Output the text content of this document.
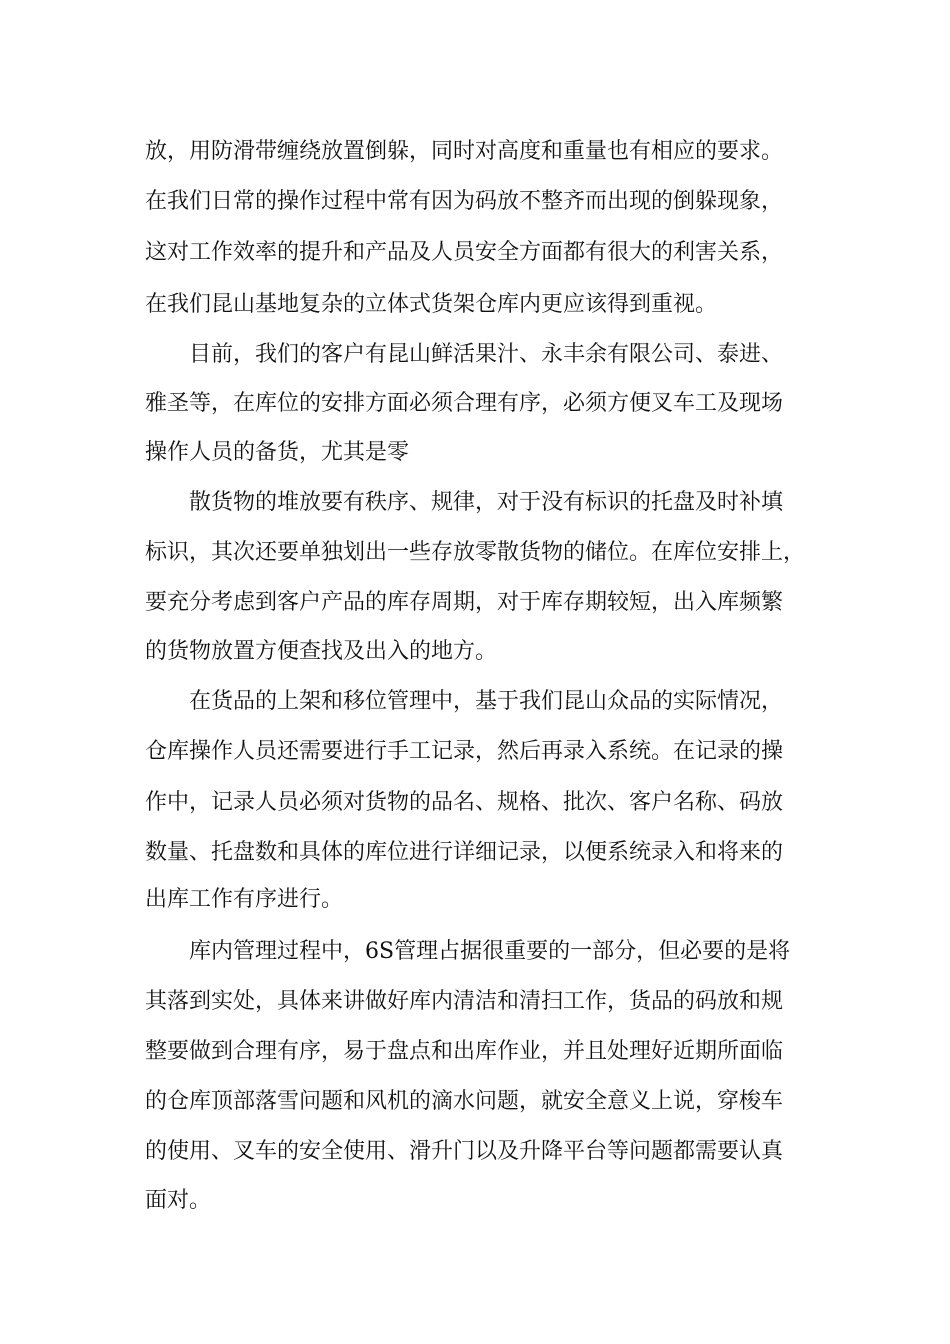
放，用防滑带缠绕放置倒躲，同时对高度和重量也有相应的要求。
在我们日常的操作过程中常有因为码放不整齐而出现的倒躲现象，
这对工作效率的提升和产品及人员安全方面都有很大的利害关系，
在我们昆山基地复杂的立体式货架仓库内更应该得到重视。
目前，我们的客户有昆山鲜活果汁、永丰余有限公司、泰进、
雅圣等，在库位的安排方面必须合理有序，必须方便叉车工及现场
操作人员的备货，尤其是零
散货物的堆放要有秩序、规律，对于没有标识的托盘及时补填
标识，其次还要单独划出一些存放零散货物的储位。在库位安排上，
要充分考虑到客户产品的库存周期，对于库存期较短，出入库频繁
的货物放置方便查找及出入的地方。
在货品的上架和移位管理中，基于我们昆山众品的实际情况，
仓库操作人员还需要进行手工记录，然后再录入系统。在记录的操
作中，记录人员必须对货物的品名、规格、批次、客户名称、码放
数量、托盘数和具体的库位进行详细记录，以便系统录入和将来的
出库工作有序进行。
库内管理过程中，6S管理占据很重要的一部分，但必要的是将
其落到实处，具体来讲做好库内清洁和清扫工作，货品的码放和规
整要做到合理有序，易于盘点和出库作业，并且处理好近期所面临
的仓库顶部落雪问题和风机的滴水问题，就安全意义上说，穿梭车
的使用、叉车的安全使用、滑升门以及升降平台等问题都需要认真
面对。
